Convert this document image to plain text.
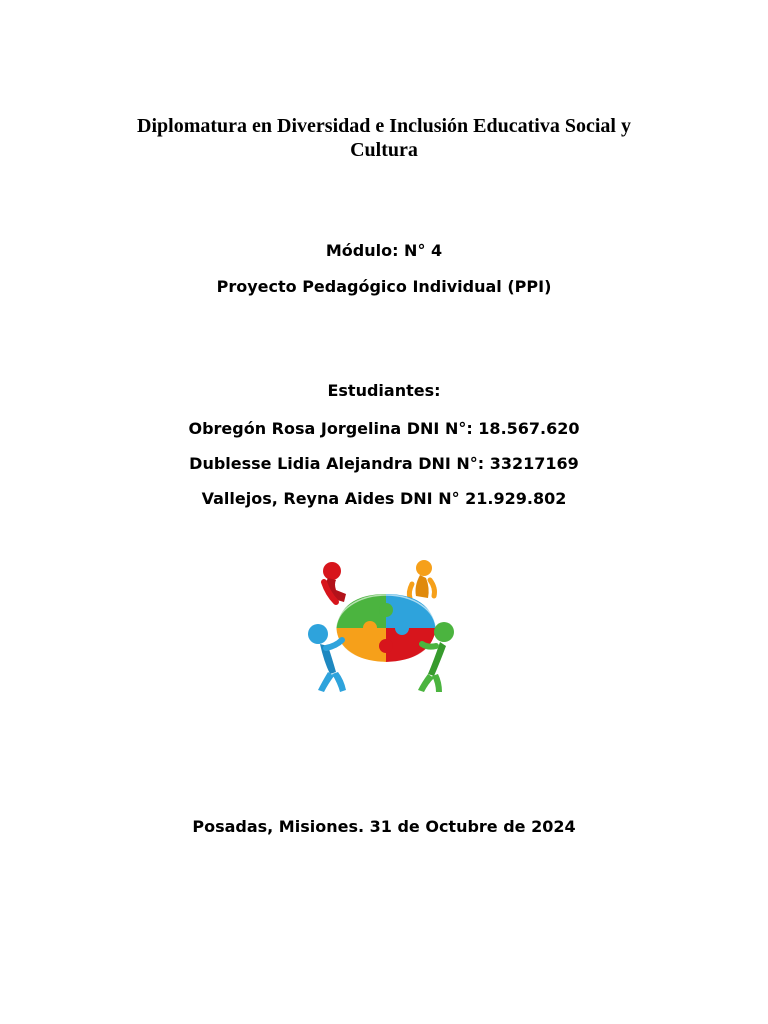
Diplomatura en Diversidad e Inclusión Educativa Social y
Cultura
Módulo: N° 4
Proyecto Pedagógico Individual (PPI)
Estudiantes:
Obregón Rosa Jorgelina DNI N°: 18.567.620
Dublesse Lidia Alejandra DNI N°: 33217169
Vallejos, Reyna Aides DNI N° 21.929.802
Posadas, Misiones. 31 de Octubre de 2024
